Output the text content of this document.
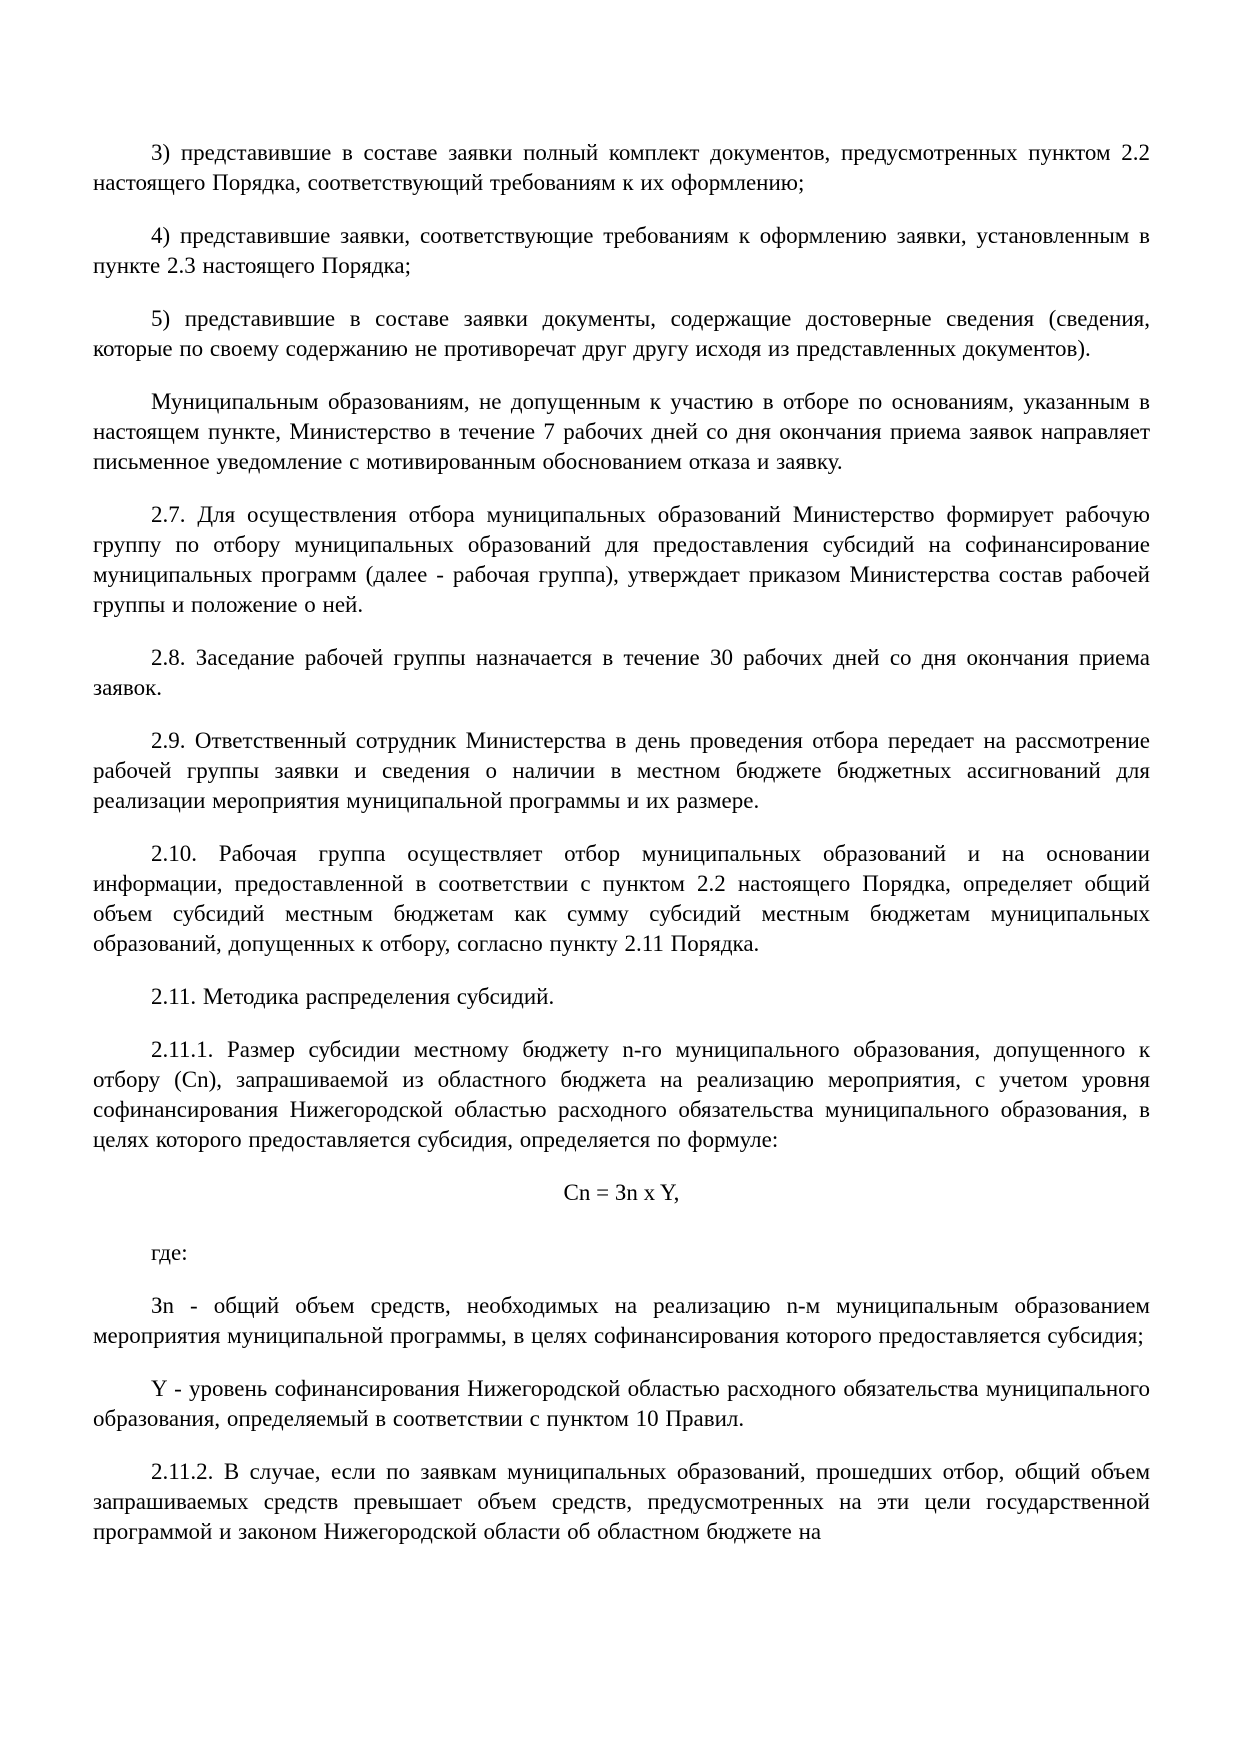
3) представившие в составе заявки полный комплект документов, предусмотренных пунктом 2.2 настоящего Порядка, соответствующий требованиям к их оформлению;

4) представившие заявки, соответствующие требованиям к оформлению заявки, установленным в пункте 2.3 настоящего Порядка;

5) представившие в составе заявки документы, содержащие достоверные сведения (сведения, которые по своему содержанию не противоречат друг другу исходя из представленных документов).

Муниципальным образованиям, не допущенным к участию в отборе по основаниям, указанным в настоящем пункте, Министерство в течение 7 рабочих дней со дня окончания приема заявок направляет письменное уведомление с мотивированным обоснованием отказа и заявку.

2.7. Для осуществления отбора муниципальных образований Министерство формирует рабочую группу по отбору муниципальных образований для предоставления субсидий на софинансирование муниципальных программ (далее - рабочая группа), утверждает приказом Министерства состав рабочей группы и положение о ней.

2.8. Заседание рабочей группы назначается в течение 30 рабочих дней со дня окончания приема заявок.

2.9. Ответственный сотрудник Министерства в день проведения отбора передает на рассмотрение рабочей группы заявки и сведения о наличии в местном бюджете бюджетных ассигнований для реализации мероприятия муниципальной программы и их размере.

2.10. Рабочая группа осуществляет отбор муниципальных образований и на основании информации, предоставленной в соответствии с пунктом 2.2 настоящего Порядка, определяет общий объем субсидий местным бюджетам как сумму субсидий местным бюджетам муниципальных образований, допущенных к отбору, согласно пункту 2.11 Порядка.

2.11. Методика распределения субсидий.

2.11.1. Размер субсидии местному бюджету n-го муниципального образования, допущенного к отбору (Cn), запрашиваемой из областного бюджета на реализацию мероприятия, с учетом уровня софинансирования Нижегородской областью расходного обязательства муниципального образования, в целях которого предоставляется субсидия, определяется по формуле:

Cn = Зn x Y,

где:

Зn - общий объем средств, необходимых на реализацию n-м муниципальным образованием мероприятия муниципальной программы, в целях софинансирования которого предоставляется субсидия;

Y - уровень софинансирования Нижегородской областью расходного обязательства муниципального образования, определяемый в соответствии с пунктом 10 Правил.

2.11.2. В случае, если по заявкам муниципальных образований, прошедших отбор, общий объем запрашиваемых средств превышает объем средств, предусмотренных на эти цели государственной программой и законом Нижегородской области об областном бюджете на
